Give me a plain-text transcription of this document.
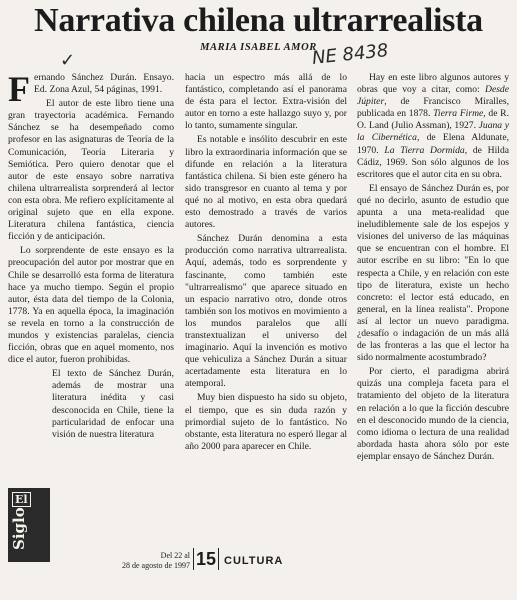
Narrativa chilena ultrarrealista
MARIA ISABEL AMOR
NE 8438
✓

Fernando Sánchez Durán. Ensayo. Ed. Zona Azul, 54 páginas, 1991.

El autor de este libro tiene una gran trayectoria académica. Fernando Sánchez se ha desempeñado como profesor en las asignaturas de Teoría de la Comunicación, Teoría Literaria y Semiótica. Pero quiero denotar que el autor de este ensayo sobre narrativa chilena ultrarrealista sorprenderá al lector con esta obra. Me refiero explícitamente al original sujeto que en ella expone. Literatura chilena fantástica, ciencia ficción y de anticipación.

Lo sorprendente de este ensayo es la preocupación del autor por mostrar que en Chile se desarrolló esta forma de literatura hace ya mucho tiempo. Según el propio autor, ésta data del tiempo de la Colonia, 1778. Ya en aquella época, la imaginación se revela en torno a la construcción de mundos y existencias paralelas, ciencia ficción, obras que en aquel momento, nos dice el autor, fueron prohibidas.

El texto de Sánchez Durán, además de mostrar una literatura inédita y casi desconocida en Chile, tiene la particularidad de enfocar una visión de nuestra literatura

hacia un espectro más allá de lo fantástico, completando así el panorama de ésta para el lector. Extra-visión del autor en torno a este hallazgo suyo y, por lo tanto, sumamente singular.

Es notable e insólito descubrir en este libro la extraordinaria información que se difunde en relación a la literatura fantástica chilena. Si bien este género ha sido transgresor en cuanto al tema y por qué no al motivo, en esta obra quedará esto demostrado a través de varios autores.

Sánchez Durán denomina a esta producción como narrativa ultrarrealista. Aquí, además, todo es sorprendente y fascinante, como también este "ultrarrealismo" que aparece situado en un espacio narrativo otro, donde otros también son los motivos en movimiento a los mundos paralelos que allí transtextualizan el universo del imaginario. Aquí la invención es motivo que vehiculiza a Sánchez Durán a situar acertadamente esta literatura en lo atemporal.

Muy bien dispuesto ha sido su objeto, el tiempo, que es sin duda razón y primordial sujeto de lo fantástico. No obstante, esta literatura no esperó llegar al año 2000 para aparecer en Chile.

Hay en este libro algunos autores y obras que voy a citar, como: Desde Júpiter, de Francisco Miralles, publicada en 1878. Tierra Firme, de R. O. Land (Julio Assman), 1927. Juana y la Cibernética, de Elena Aldunate, 1970. La Tierra Dormida, de Hilda Cádiz, 1969. Son sólo algunos de los escritores que el autor cita en su obra.

El ensayo de Sánchez Durán es, por qué no decirlo, asunto de estudio que apunta a una meta-realidad que ineludiblemente sale de los espejos y visiones del universo de las máquinas que se encuentran con el hombre. El autor escribe en su libro: "En lo que respecta a Chile, y en relación con este tipo de literatura, existe un hecho concreto: el lector está educado, en general, en la línea realista". Propone así al lector un nuevo paradigma. ¿desafío o indagación de un más allá de las fronteras a las que el lector ha sido normalmente acostumbrado?

Por cierto, el paradigma abrirá quizás una compleja faceta para el tratamiento del objeto de la literatura en relación a lo que la ficción descubre en el desconocido mundo de la ciencia, como idioma o lectura de una realidad abordada hasta ahora sólo por este ejemplar ensayo de Sánchez Durán.

El
Siglo
Del 22 al
28 de agosto de 1997 15 CULTURA
